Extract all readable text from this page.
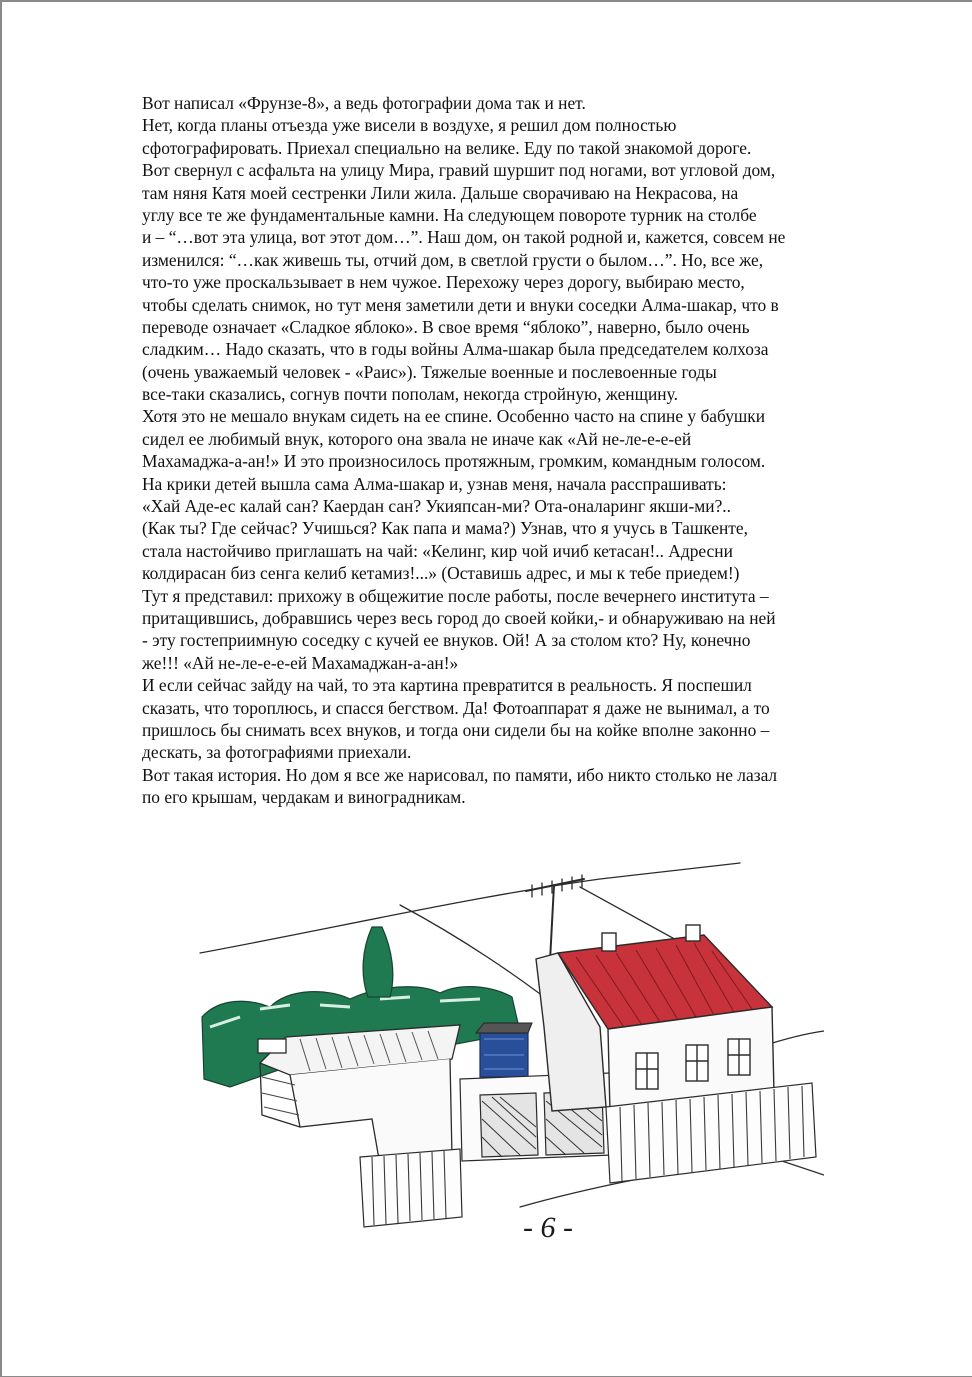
Вот написал «Фрунзе-8», а ведь фотографии дома так и нет.
Нет, когда планы отъезда уже висели в воздухе, я решил дом полностью
сфотографировать. Приехал специально на велике. Еду по такой знакомой дороге.
Вот свернул с асфальта на улицу Мира, гравий шуршит под ногами, вот угловой дом,
там няня Катя моей сестренки Лили жила. Дальше сворачиваю на Некрасова, на
углу все те же фундаментальные камни. На следующем повороте турник на столбе
и – “…вот эта улица, вот этот дом…”. Наш дом, он такой родной и, кажется, совсем не
изменился: “…как живешь ты, отчий дом, в светлой грусти о былом…”. Но, все же,
что-то уже проскальзывает в нем чужое. Перехожу через дорогу, выбираю место,
чтобы сделать снимок, но тут меня заметили дети и внуки соседки Алма-шакар, что в
переводе означает «Сладкое яблоко». В свое время “яблоко”, наверно, было очень
сладким… Надо сказать, что в годы войны Алма-шакар была председателем колхоза
(очень уважаемый человек - «Раис»). Тяжелые военные и послевоенные годы
все-таки сказались, согнув почти пополам, некогда стройную, женщину.
Хотя это не мешало внукам сидеть на ее спине. Особенно часто на спине у бабушки
сидел ее любимый внук, которого она звала не иначе как «Ай не-ле-е-е-ей
Махамаджа-а-ан!» И это произносилось протяжным, громким, командным голосом.
На крики детей вышла сама Алма-шакар и, узнав меня, начала расспрашивать:
«Хай Аде-ес калай сан? Каердан сан? Укияпсан-ми? Ота-оналаринг якши-ми?..
(Как ты? Где сейчас? Учишься? Как папа и мама?) Узнав, что я учусь в Ташкенте,
стала настойчиво приглашать на чай: «Келинг, кир чой ичиб кетасан!.. Адресни
колдирасан биз сенга келиб кетамиз!...» (Оставишь адрес, и мы к тебе приедем!)
Тут я представил: прихожу в общежитие после работы, после вечернего института –
притащившись, добравшись через весь город до своей койки,- и обнаруживаю на ней
- эту гостеприимную соседку с кучей ее внуков. Ой! А за столом кто? Ну, конечно
же!!! «Ай не-ле-е-е-ей Махамаджан-а-ан!»
И если сейчас зайду на чай, то эта картина превратится в реальность. Я поспешил
сказать, что тороплюсь, и спасся бегством. Да! Фотоаппарат я даже не вынимал, а то
пришлось бы снимать всех внуков, и тогда они сидели бы на койке вполне законно –
дескать, за фотографиями приехали.
Вот такая история. Но дом я все же нарисовал, по памяти, ибо никто столько не лазал
по его крышам, чердакам и виноградникам.
- 6 -
